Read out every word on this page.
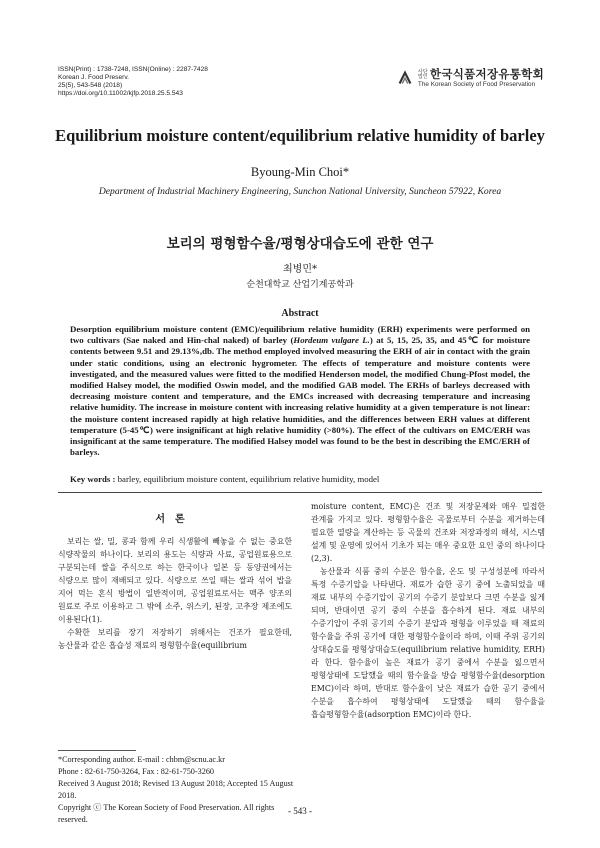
ISSN(Print) : 1738-7248, ISSN(Online) : 2287-7428
Korean J. Food Preserv.
25(5), 543-548 (2018)
https://doi.org/10.11002/kjfp.2018.25.5.543
사단법인 한국식품저장유통학회
The Korean Society of Food Preservation
Equilibrium moisture content/equilibrium relative humidity of barley
Byoung-Min Choi*
Department of Industrial Machinery Engineering, Sunchon National University, Suncheon 57922, Korea
보리의 평형함수율/평형상대습도에 관한 연구
최병민*
순천대학교 산업기계공학과
Abstract
Desorption equilibrium moisture content (EMC)/equilibrium relative humidity (ERH) experiments were performed on two cultivars (Sae naked and Hin-chal naked) of barley (Hordeum vulgare L.) at 5, 15, 25, 35, and 45℃ for moisture contents between 9.51 and 29.13%,db. The method employed involved measuring the ERH of air in contact with the grain under static conditions, using an electronic hygrometer. The effects of temperature and moisture contents were investigated, and the measured values were fitted to the modified Henderson model, the modified Chung-Pfost model, the modified Halsey model, the modified Oswin model, and the modified GAB model. The ERHs of barleys decreased with decreasing moisture content and temperature, and the EMCs increased with decreasing temperature and increasing relative humidity. The increase in moisture content with increasing relative humidity at a given temperature is not linear: the moisture content increased rapidly at high relative humidities, and the differences between ERH values at different temperature (5-45℃) were insignificant at high relative humidity (>80%). The effect of the cultivars on EMC/ERH was insignificant at the same temperature. The modified Halsey model was found to be the best in describing the EMC/ERH of barleys.
Key words : barley, equilibrium moisture content, equilibrium relative humidity, model
서론

보리는 쌀, 밀, 콩과 함께 우리 식생활에 빼놓을 수 없는 중요한 식량작물의 하나이다. 보리의 용도는 식량과 사료, 공업원료용으로 구분되는데 쌀을 주식으로 하는 한국이나 일본 등 동양권에서는 식량으로 많이 재배되고 있다. 식량으로 쓰일 때는 쌀과 섞어 밥을 지어 먹는 혼식 방법이 일반적이며, 공업원료로서는 맥주 양조의 원료로 주로 이용하고 그 밖에 소주, 위스키, 된장, 고추장 제조에도 이용된다(1).

수확한 보리를 장기 저장하기 위해서는 건조가 필요한데, 농산물과 같은 흡습성 재료의 평형함수율(equilibrium

moisture content, EMC)은 건조 및 저장문제와 매우 밀접한 관계를 가지고 있다. 평형함수율은 곡물로부터 수분을 제거하는데 필요한 열량을 계산하는 등 곡물의 건조와 저장과정의 해석, 시스템 설계 및 운영에 있어서 기초가 되는 매우 중요한 요인 중의 하나이다(2,3).

농산물과 식품 중의 수분은 함수율, 온도 및 구성성분에 따라서 특정 수증기압을 나타낸다. 재료가 습한 공기 중에 노출되었을 때 재료 내부의 수증기압이 공기의 수증기 분압보다 크면 수분을 잃게 되며, 반대이면 공기 중의 수분을 흡수하게 된다. 재료 내부의 수증기압이 주위 공기의 수증기 분압과 평형을 이루었을 때 재료의 함수율을 주위 공기에 대한 평형함수율이라 하며, 이때 주위 공기의 상대습도를 평형상대습도(equilibrium relative humidity, ERH)라 한다. 함수율이 높은 재료가 공기 중에서 수분을 잃으면서 평형상태에 도달했을 때의 함수율을 방습 평형함수율(desorption EMC)이라 하며, 반대로 함수율이 낮은 재료가 습한 공기 중에서 수분을 흡수하여 평형상태에 도달했을 때의 함수율을 흡습평형함수율(adsorption EMC)이라 한다.

*Corresponding author. E-mail : chbm@scnu.ac.kr
Phone : 82-61-750-3264, Fax : 82-61-750-3260
Received 3 August 2018; Revised 13 August 2018; Accepted 15 August 2018.
Copyright ⓒ The Korean Society of Food Preservation. All rights reserved.
- 543 -
